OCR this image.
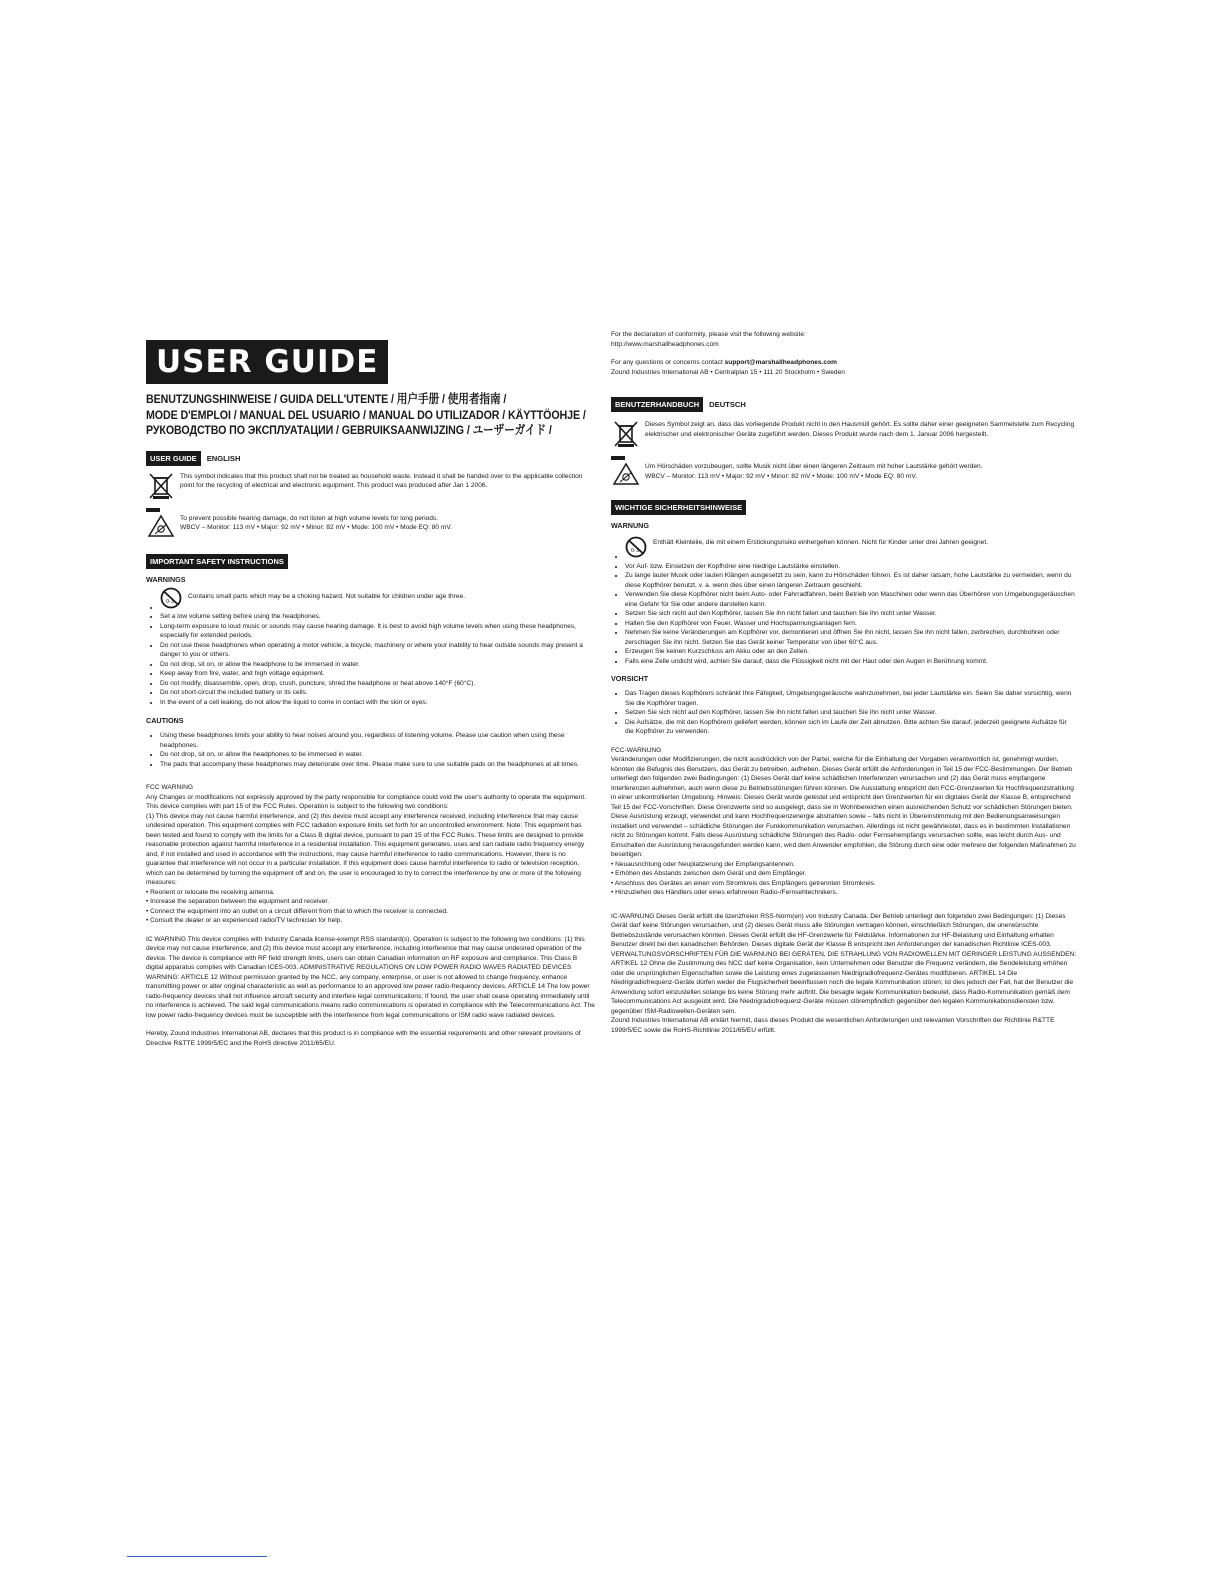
USER GUIDE
BENUTZUNGSHINWEISE / GUIDA DELL'UTENTE / 用户手册 / 使用者指南 /
MODE D'EMPLOI / MANUAL DEL USUARIO / MANUAL DO UTILIZADOR / KÄYTTÖOHJE /
РУКОВОДСТВО ПО ЭКСПЛУАТАЦИИ / GEBRUIKSAANWIJZING / ユーザーガイド /
USER GUIDE	ENGLISH
This symbol indicates that this product shall not be treated as household waste. Instead it shall be handed over to the applicable collection point for the recycling of electrical and electronic equipment. This product was produced after Jan 1 2006.

To prevent possible hearing damage, do not listen at high volume levels for long periods.

WBCV – Monitor: 113 mV • Major: 92 mV • Minor: 82 mV • Mode: 100 mV • Mode EQ: 80 mV.

IMPORTANT SAFETY INSTRUCTIONS
WARNINGS
• 0-3
Contains small parts which may be a choking hazard. Not suitable for children under age three.
• Set a low volume setting before using the headphones.
• Long-term exposure to loud music or sounds may cause hearing damage. It is best to avoid high volume levels when using these headphones, especially for extended periods.
• Do not use these headphones when operating a motor vehicle, a bicycle, machinery or where your inability to hear outside sounds may present a danger to you or others.
• Do not drop, sit on, or allow the headphone to be immersed in water.
• Keep away from fire, water, and high voltage equipment.
• Do not modify, disassemble, open, drop, crush, puncture, shred the headphone or heat above 140°F (60°C).
• Do not short-circuit the included battery or its cells.
• In the event of a cell leaking, do not allow the liquid to come in contact with the skin or eyes.
CAUTIONS
• Using these headphones limits your ability to hear noises around you, regardless of listening volume. Please use caution when using these headphones.
• Do not drop, sit on, or allow the headphones to be immersed in water.
• The pads that accompany these headphones may deteriorate over time. Please make sure to use suitable pads on the headphones at all times.

FCC WARNING

Any Changes or modifications not expressly approved by the party responsible for compliance could void the user's authority to operate the equipment. This device complies with part 15 of the FCC Rules. Operation is subject to the following two conditions:

(1) This device may not cause harmful interference, and (2) this device must accept any interference received, including interference that may cause undesired operation. This equipment complies with FCC radiation exposure limits set forth for an uncontrolled environment. Note: This equipment has been tested and found to comply with the limits for a Class B digital device, pursuant to part 15 of the FCC Rules. These limits are designed to provide reasonable protection against harmful interference in a residential installation. This equipment generates, uses and can radiate radio frequency energy and, if not installed and used in accordance with the instructions, may cause harmful interference to radio communications. However, there is no guarantee that interference will not occur in a particular installation. If this equipment does cause harmful interference to radio or television reception, which can be determined by turning the equipment off and on, the user is encouraged to try to correct the interference by one or more of the following measures:

• Reorient or relocate the receiving antenna.

• Increase the separation between the equipment and receiver.

• Connect the equipment into an outlet on a circuit different from that to which the receiver is connected.

• Consult the dealer or an experienced radio/TV technician for help.

IC WARNING This device complies with Industry Canada license-exempt RSS standard(s). Operation is subject to the following two conditions: (1) this device may not cause interference, and (2) this device must accept any interference, including interference that may cause undesired operation of the device. The device is compliance with RF field strength limits, users can obtain Canadian information on RF exposure and compliance. This Class B digital apparatus complies with Canadian ICES-003. ADMINISTRATIVE REGULATIONS ON LOW POWER RADIO WAVES RADIATED DEVICES WARNING: ARTICLE 12 Without permission granted by the NCC, any company, enterprise, or user is not allowed to change frequency, enhance transmitting power or alter original characteristic as well as performance to an approved low power radio-frequency devices. ARTICLE 14 The low power radio-frequency devices shall not influence aircraft security and interfere legal communications; If found, the user shall cease operating immediately until no interference is achieved. The said legal communications means radio communications is operated in compliance with the Telecommunications Act. The low power radio-frequency devices must be susceptible with the interference from legal communications or ISM radio wave radiated devices.

Hereby, Zound Industries International AB, declares that this product is in compliance with the essential requirements and other relevant provisions of Directive R&TTE 1999/5/EC and the RoHS directive 2011/65/EU.

For the declaration of conformity, please visit the following website:

http://www.marshallheadphones.com

For any questions or concerns contact support@marshallheadphones.com

Zound Industries International AB • Centralplan 15 • 111 20 Stockholm • Sweden

BENUTZERHANDBUCH	DEUTSCH
Dieses Symbol zeigt an, dass das vorliegende Produkt nicht in den Hausmüll gehört. Es sollte daher einer geeigneten Sammelstelle zum Recycling elektrischer und elektronischer Geräte zugeführt werden. Dieses Produkt wurde nach dem 1. Januar 2006 hergestellt.

Um Hörschäden vorzubeugen, sollte Musik nicht über einen längeren Zeitraum mit hoher Lautstärke gehört werden.

WBCV – Monitor: 113 mV • Major: 92 mV • Minor: 82 mV • Mode: 100 mV • Mode EQ: 80 mV.

WICHTIGE SICHERHEITSHINWEISE
WARNUNG
• 0-3
Enthält Kleinteile, die mit einem Erstickungsrisiko einhergehen können. Nicht für Kinder unter drei Jahren geeignet.
• Vor Auf- bzw. Einsetzen der Kopfhörer eine niedrige Lautstärke einstellen.
• Zu lange lauter Musik oder lauten Klängen ausgesetzt zu sein, kann zu Hörschäden führen. Es ist daher ratsam, hohe Lautstärke zu vermeiden, wenn du diese Kopfhörer benutzt, v. a. wenn dies über einen längeren Zeitraum geschieht.
• Verwenden Sie diese Kopfhörer nicht beim Auto- oder Fahrradfahren, beim Betrieb von Maschinen oder wenn das Überhören von Umgebungsgeräuschen eine Gefahr für Sie oder andere darstellen kann.
• Setzen Sie sich nicht auf den Kopfhörer, lassen Sie ihn nicht fallen und tauchen Sie ihn nicht unter Wasser.
• Halten Sie den Kopfhörer von Feuer, Wasser und Hochspannungsanlagen fern.
• Nehmen Sie keine Veränderungen am Kopfhörer vor, demontieren und öffnen Sie ihn nicht, lassen Sie ihn nicht fallen, zerbrechen, durchbohren oder zerschlagen Sie ihn nicht. Setzen Sie das Gerät keiner Temperatur von über 60°C aus.
• Erzeugen Sie keinen Kurzschluss am Akku oder an den Zellen.
• Falls eine Zelle undicht wird, achten Sie darauf, dass die Flüssigkeit nicht mit der Haut oder den Augen in Berührung kommt.
VORSICHT
• Das Tragen dieses Kopfhörers schränkt Ihre Fähigkeit, Umgebungsgeräusche wahrzunehmen, bei jeder Lautstärke ein. Seien Sie daher vorsichtig, wenn Sie die Kopfhörer tragen.
• Setzen Sie sich nicht auf den Kopfhörer, lassen Sie ihn nicht fallen und tauchen Sie ihn nicht unter Wasser.
• Die Aufsätze, die mit den Kopfhörern geliefert werden, können sich im Laufe der Zeit abnutzen. Bitte achten Sie darauf, jederzeit geeignete Aufsätze für die Kopfhörer zu verwenden.

FCC-WARNUNG

Veränderungen oder Modifizierungen, die nicht ausdrücklich von der Partei, welche für die Einhaltung der Vorgaben verantwortlich ist, genehmigt wurden, könnten die Befugnis des Benutzers, das Gerät zu betreiben, aufheben. Dieses Gerät erfüllt die Anforderungen in Teil 15 der FCC-Bestimmungen. Der Betrieb unterliegt den folgenden zwei Bedingungen: (1) Dieses Gerät darf keine schädlichen Interferenzen verursachen und (2) das Gerät muss empfangene Interferenzen aufnehmen, auch wenn diese zu Betriebsstörungen führen können. Die Ausstattung entspricht den FCC-Grenzwerten für Hochfrequenzstrahlung in einer unkontrollierten Umgebung. Hinweis: Dieses Gerät wurde getestet und entspricht den Grenzwerten für ein digitales Gerät der Klasse B, entsprechend Teil 15 der FCC-Vorschriften. Diese Grenzwerte sind so ausgelegt, dass sie in Wohnbereichen einen ausreichenden Schutz vor schädlichen Störungen bieten. Diese Ausrüstung erzeugt, verwendet und kann Hochfrequenzenergie abstrahlen sowie – falls nicht in Übereinstimmung mit den Bedienungsanweisungen installiert und verwendet – schädliche Störungen der Funkkommunikation verursachen. Allerdings ist nicht gewährleistet, dass es in bestimmten Installationen nicht zu Störungen kommt. Falls diese Ausrüstung schädliche Störungen des Radio- oder Fernsehempfangs verursachen sollte, was leicht durch Aus- und Einschalten der Ausrüstung herausgefunden werden kann, wird dem Anwender empfohlen, die Störung durch eine oder mehrere der folgenden Maßnahmen zu beseitigen:

• Neuausrichtung oder Neuplatzierung der Empfangsantennen.

• Erhöhen des Abstands zwischen dem Gerät und dem Empfänger.

• Anschluss des Gerätes an einen vom Stromkreis des Empfängers getrennten Stromkreis.

• Hinzuziehen des Händlers oder eines erfahrenen Radio-/Fernsehtechnikers.

IC-WARNUNG Dieses Gerät erfüllt die lizenzfreien RSS-Norm(en) von Industry Canada. Der Betrieb unterliegt den folgenden zwei Bedingungen: (1) Dieses Gerät darf keine Störungen verursachen, und (2) dieses Gerät muss alle Störungen vertragen können, einschließlich Störungen, die unerwünschte Betriebszustände verursachen könnten. Dieses Gerät erfüllt die HF-Grenzwerte für Feldstärke. Informationen zur HF-Belastung und Einhaltung erhalten Benutzer direkt bei den kanadischen Behörden. Dieses digitale Gerät der Klasse B entspricht den Anforderungen der kanadischen Richtlinie ICES-003. VERWALTUNGSVORSCHRIFTEN FÜR DIE WARNUNG BEI GERÄTEN, DIE STRAHLUNG VON RADIOWELLEN MIT GERINGER LEISTUNG AUSSENDEN: ARTIKEL 12 Ohne die Zustimmung des NCC darf keine Organisation, kein Unternehmen oder Benutzer die Frequenz verändern, die Sendeleistung erhöhen oder die ursprünglichen Eigenschaften sowie die Leistung eines zugelassenen Niedrigradiofrequenz-Gerätes modifizieren. ARTIKEL 14 Die Niedrigradiofrequenz-Geräte dürfen weder die Flugsicherheit beeinflussen noch die legale Kommunikation stören; ist dies jedoch der Fall, hat der Benutzer die Anwendung sofort einzustellen solange bis keine Störung mehr auftritt. Die besagte legale Kommunikation bedeutet, dass Radio-Kommunikation gemäß dem Telecommunications Act ausgeübt wird. Die Niedrigradiofrequenz-Geräte müssen störempfindlich gegenüber den legalen Kommunikationsdiensten bzw. gegenüber ISM-Radiowellen-Geräten sein.

Zound Industries International AB erklärt hiermit, dass dieses Produkt die wesentlichen Anforderungen und relevanten Vorschriften der Richtlinie R&TTE 1999/5/EC sowie die RoHS-Richtlinie 2011/65/EU erfüllt.
